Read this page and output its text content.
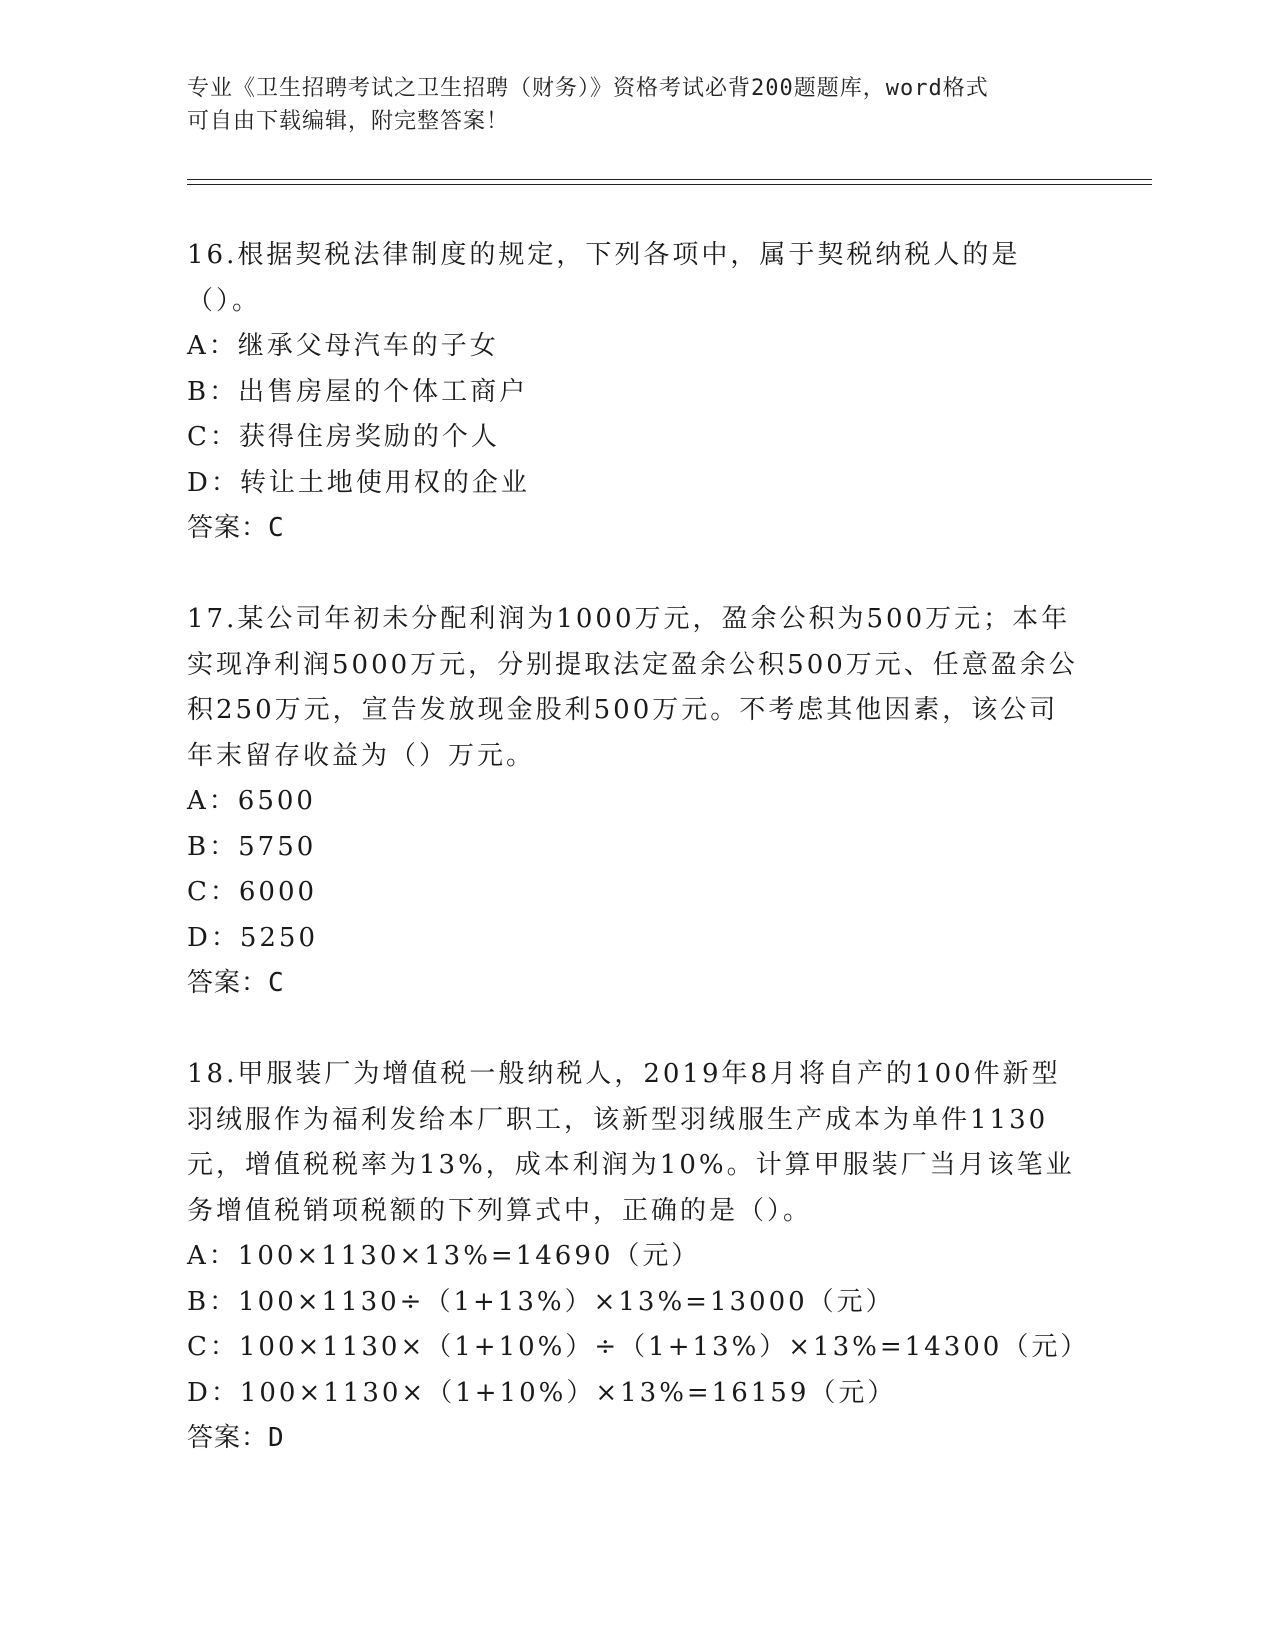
专业《卫生招聘考试之卫生招聘（财务）》资格考试必背200题题库，word格式
可自由下载编辑，附完整答案！

16.根据契税法律制度的规定，下列各项中，属于契税纳税人的是（）。

A：继承父母汽车的子女

B：出售房屋的个体工商户

C：获得住房奖励的个人

D：转让土地使用权的企业

答案：C

17.某公司年初未分配利润为1000万元，盈余公积为500万元；本年实现净利润5000万元，分别提取法定盈余公积500万元、任意盈余公积250万元，宣告发放现金股利500万元。不考虑其他因素，该公司年末留存收益为（）万元。

A：6500

B：5750

C：6000

D：5250

答案：C

18.甲服装厂为增值税一般纳税人，2019年8月将自产的100件新型羽绒服作为福利发给本厂职工，该新型羽绒服生产成本为单件1130元，增值税税率为13%，成本利润为10%。计算甲服装厂当月该笔业务增值税销项税额的下列算式中，正确的是（）。

A：100×1130×13%=14690（元）

B：100×1130÷（1+13%）×13%=13000（元）

C：100×1130×（1+10%）÷（1+13%）×13%=14300（元）

D：100×1130×（1+10%）×13%=16159（元）

答案：D
